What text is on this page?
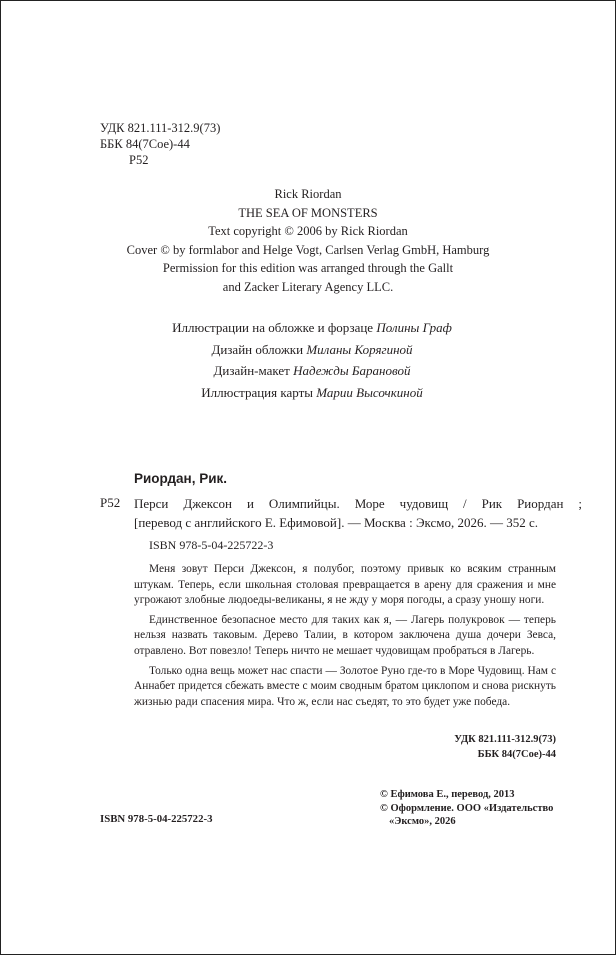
УДК 821.111-312.9(73)
ББК 84(7Сое)-44
Р52
Rick Riordan
THE SEA OF MONSTERS
Text copyright © 2006 by Rick Riordan
Cover © by formlabor and Helge Vogt, Carlsen Verlag GmbH, Hamburg
Permission for this edition was arranged through the Gallt
and Zacker Literary Agency LLC.
Иллюстрации на обложке и форзаце Полины Граф
Дизайн обложки Миланы Корягиной
Дизайн-макет Надежды Барановой
Иллюстрация карты Марии Высочкиной
Риордан, Рик.
Р52 Перси Джексон и Олимпийцы. Море чудовищ / Рик Риордан ;
[перевод с английского Е. Ефимовой]. — Москва : Эксмо, 2026. — 352 с.
ISBN 978-5-04-225722-3

Меня зовут Перси Джексон, я полубог, поэтому привык ко всяким странным штукам. Теперь, если школьная столовая превращается в арену для сражения и мне угрожают злобные людоеды-великаны, я не жду у моря погоды, а сразу уношу ноги.

Единственное безопасное место для таких как я, — Лагерь полукровок — теперь нельзя назвать таковым. Дерево Талии, в котором заключена душа дочери Зевса, отравлено. Вот повезло! Теперь ничто не мешает чудовищам пробраться в Лагерь.

Только одна вещь может нас спасти — Золотое Руно где-то в Море Чудовищ. Нам с Аннабет придется сбежать вместе с моим сводным братом циклопом и снова рискнуть жизнью ради спасения мира. Что ж, если нас съедят, то это будет уже победа.

УДК 821.111-312.9(73)
ББК 84(7Сое)-44
© Ефимова Е., перевод, 2013
© Оформление. ООО «Издательство
«Эксмо», 2026
ISBN 978-5-04-225722-3
